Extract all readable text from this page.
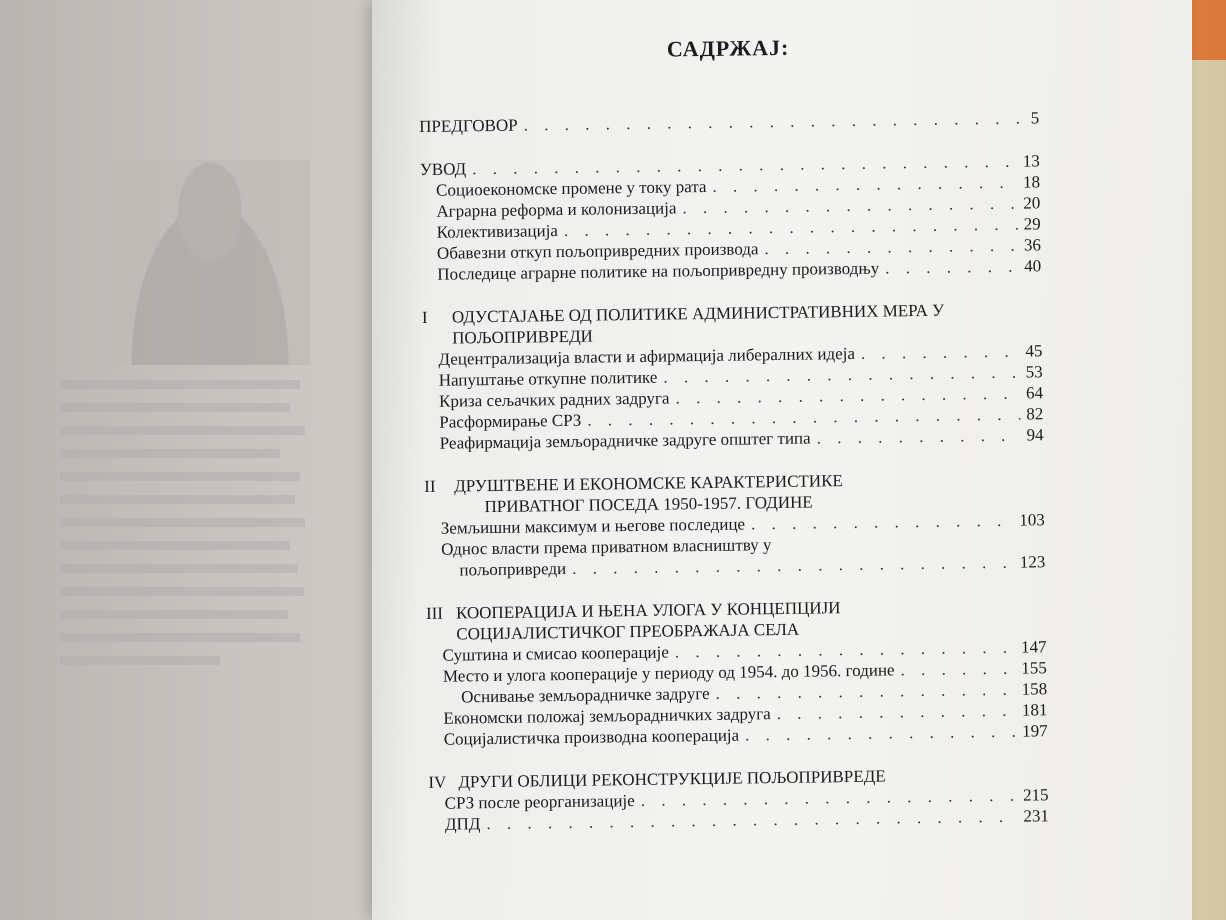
САДРЖАЈ:
ПРЕДГОВОР . . .	5
УВОД . . .	13
Социоекономске промене у току рата . . .	18
Аграрна реформа и колонизација . . .	20
Колективизација . . .	29
Обавезни откуп пољопривредних производа . . .	36
Последице аграрне политике на пољопривредну производњу . . .	40
I ОДУСТАЈАЊЕ ОД ПОЛИТИКЕ АДМИНИСТРАТИВНИХ МЕРА У
ПОЉОПРИВРЕДИ
Децентрализација власти и афирмација либералних идеја . . .	45
Напуштање откупне политике . . .	53
Криза сељачких радних задруга . . .	64
Расформирање СРЗ . . .	82
Реафирмација земљорадничке задруге општег типа . . .	94
II ДРУШТВЕНЕ И ЕКОНОМСКЕ КАРАКТЕРИСТИКЕ
ПРИВАТНОГ ПОСЕДА 1950-1957. ГОДИНЕ
Земљишни максимум и његове последице . . .	103
Однос власти према приватном власништву у
пољопривреди . . .	123
III КООПЕРАЦИЈА И ЊЕНА УЛОГА У КОНЦЕПЦИЈИ
СОЦИЈАЛИСТИЧКОГ ПРЕОБРАЖАЈА СЕЛА
Суштина и смисао кооперације . . .	147
Место и улога кооперације у периоду од 1954. до 1956. године . . .	155
Оснивање земљорадничке задруге . . .	158
Економски положај земљорадничких задруга . . .	181
Социјалистичка производна кооперација . . .	197
IV ДРУГИ ОБЛИЦИ РЕКОНСТРУКЦИЈЕ ПОЉОПРИВРЕДЕ
СРЗ после реорганизације . . .	215
ДПД . . .	231
